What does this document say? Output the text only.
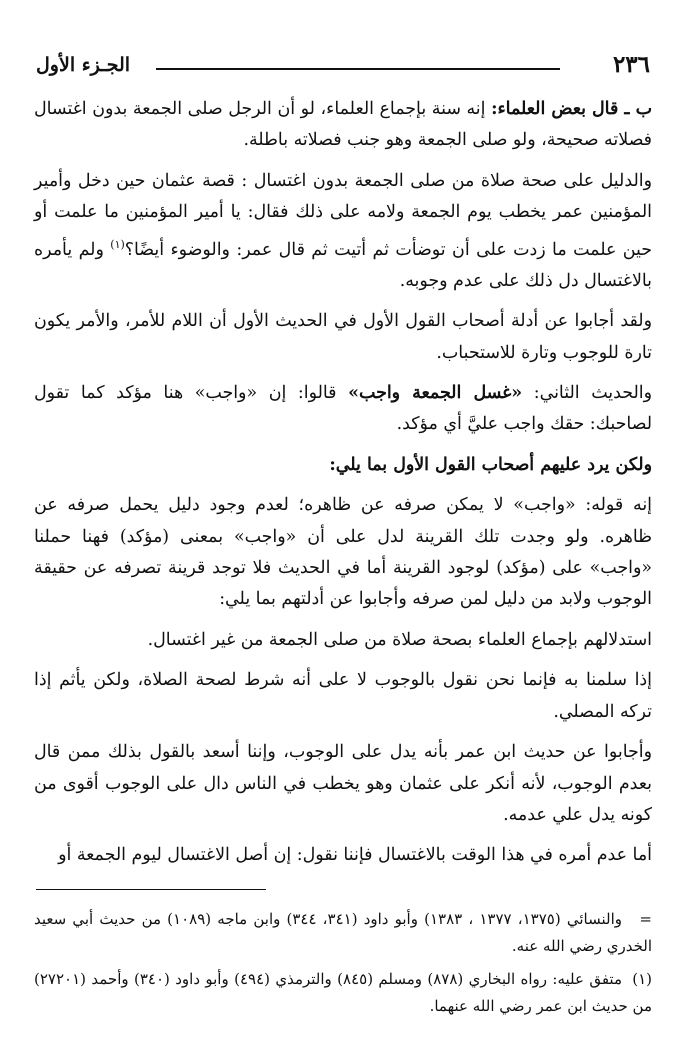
٢٣٦
الجـزء الأول

ب ـ قال بعض العلماء: إنه سنة بإجماع العلماء، لو أن الرجل صلى الجمعة بدون اغتسال فصلاته صحيحة، ولو صلى الجمعة وهو جنب فصلاته باطلة.

والدليل على صحة صلاة من صلى الجمعة بدون اغتسال : قصة عثمان حين دخل وأمير المؤمنين عمر يخطب يوم الجمعة ولامه على ذلك فقال: يا أمير المؤمنين ما علمت أو حين علمت ما زدت على أن توضأت ثم أتيت ثم قال عمر: والوضوء أيضًا؟$^{(١)}$ ولم يأمره بالاغتسال دل ذلك على عدم وجوبه.

ولقد أجابوا عن أدلة أصحاب القول الأول في الحديث الأول أن اللام للأمر، والأمر يكون تارة للوجوب وتارة للاستحباب.

والحديث الثاني: «غسل الجمعة واجب» قالوا: إن «واجب» هنا مؤكد كما تقول لصاحبك: حقك واجب عليَّ أي مؤكد.

ولكن يرد عليهم أصحاب القول الأول بما يلي:

إنه قوله: «واجب» لا يمكن صرفه عن ظاهره؛ لعدم وجود دليل يحمل صرفه عن ظاهره. ولو وجدت تلك القرينة لدل على أن «واجب» بمعنى (مؤكد) فهنا حملنا «واجب» على (مؤكد) لوجود القرينة أما في الحديث فلا توجد قرينة تصرفه عن حقيقة الوجوب ولابد من دليل لمن صرفه وأجابوا عن أدلتهم بما يلي:

استدلالهم بإجماع العلماء بصحة صلاة من صلى الجمعة من غير اغتسال.

إذا سلمنا به فإنما نحن نقول بالوجوب لا على أنه شرط لصحة الصلاة، ولكن يأثم إذا تركه المصلي.

وأجابوا عن حديث ابن عمر بأنه يدل على الوجوب، وإننا أسعد بالقول بذلك ممن قال بعدم الوجوب، لأنه أنكر على عثمان وهو يخطب في الناس دال على الوجوب أقوى من كونه يدل علي عدمه.

أما عدم أمره في هذا الوقت بالاغتسال فإننا نقول: إن أصل الاغتسال ليوم الجمعة أو

=والنسائي (١٣٧٥، ١٣٧٧ ، ١٣٨٣) وأبو داود (٣٤١، ٣٤٤) وابن ماجه (١٠٨٩) من حديث أبي سعيد الخدري رضي الله عنه.

(١)متفق عليه: رواه البخاري (٨٧٨) ومسلم (٨٤٥) والترمذي (٤٩٤) وأبو داود (٣٤٠) وأحمد (٢٧٢٠١) من حديث ابن عمر رضي الله عنهما.
